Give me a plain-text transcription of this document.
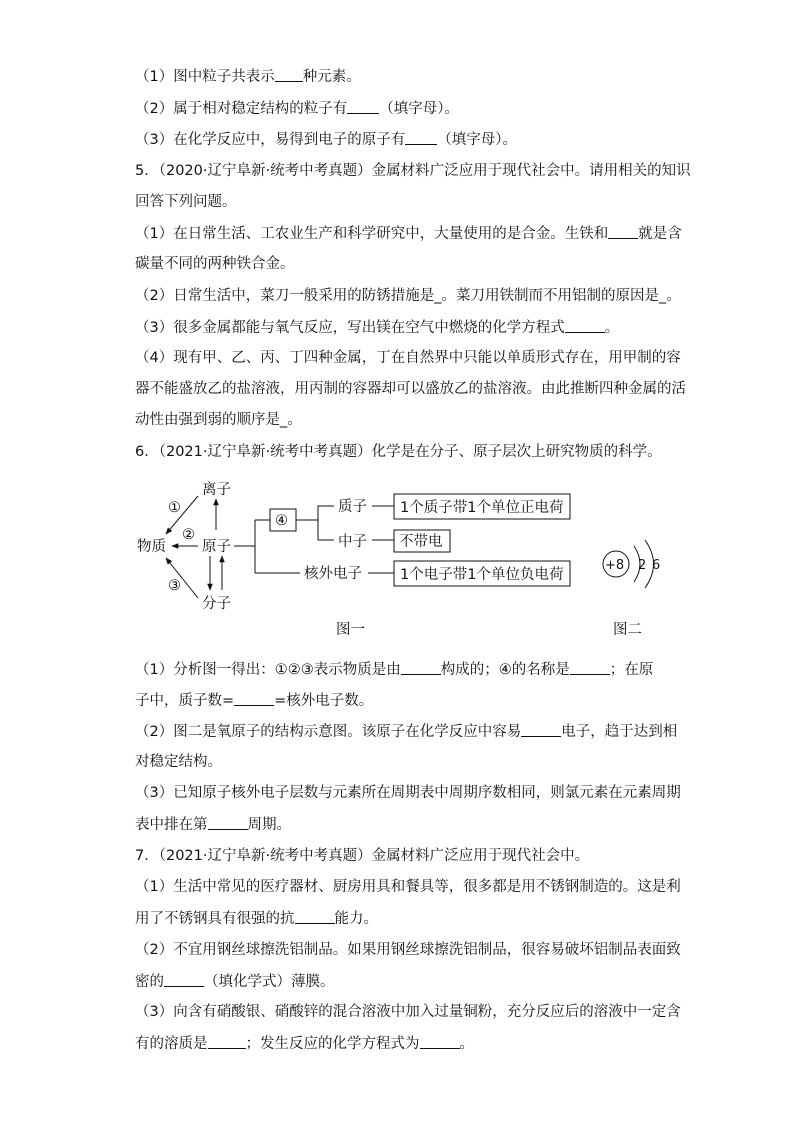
（1）图中粒子共表示 种元素。
（2）属于相对稳定结构的粒子有 （填字母）。
（3）在化学反应中，易得到电子的原子有 （填字母）。
5．（2020·辽宁阜新·统考中考真题）金属材料广泛应用于现代社会中。请用相关的知识
回答下列问题。
（1）在日常生活、工农业生产和科学研究中，大量使用的是合金。生铁和 就是含
碳量不同的两种铁合金。
（2）日常生活中，菜刀一般采用的防锈措施是_。菜刀用铁制而不用铝制的原因是_。
（3）很多金属都能与氧气反应，写出镁在空气中燃烧的化学方程式	。
（4）现有甲、乙、丙、丁四种金属，丁在自然界中只能以单质形式存在，用甲制的容
器不能盛放乙的盐溶液，用丙制的容器却可以盛放乙的盐溶液。由此推断四种金属的活
动性由强到弱的顺序是_。
6．（2021·辽宁阜新·统考中考真题）化学是在分子、原子层次上研究物质的科学。
离子
物质 原子
分子
①
②
③
④
质子
中子
核外电子
1个质子带1个单位正电荷
不带电
1个电子带1个单位负电荷
图一
+8 2 6
图二
（1）分析图一得出：①②③表示物质是由	构成的；④的名称是	；在原
子中，质子数=	=核外电子数。
（2）图二是氧原子的结构示意图。该原子在化学反应中容易	电子，趋于达到相
对稳定结构。
（3）已知原子核外电子层数与元素所在周期表中周期序数相同，则氯元素在元素周期
表中排在第	周期。
7．（2021·辽宁阜新·统考中考真题）金属材料广泛应用于现代社会中。
（1）生活中常见的医疗器材、厨房用具和餐具等，很多都是用不锈钢制造的。这是利
用了不锈钢具有很强的抗	能力。
（2）不宜用钢丝球擦洗铝制品。如果用钢丝球擦洗铝制品，很容易破坏铝制品表面致
密的	（填化学式）薄膜。
（3）向含有硝酸银、硝酸锌的混合溶液中加入过量铜粉，充分反应后的溶液中一定含
有的溶质是	；发生反应的化学方程式为	。
